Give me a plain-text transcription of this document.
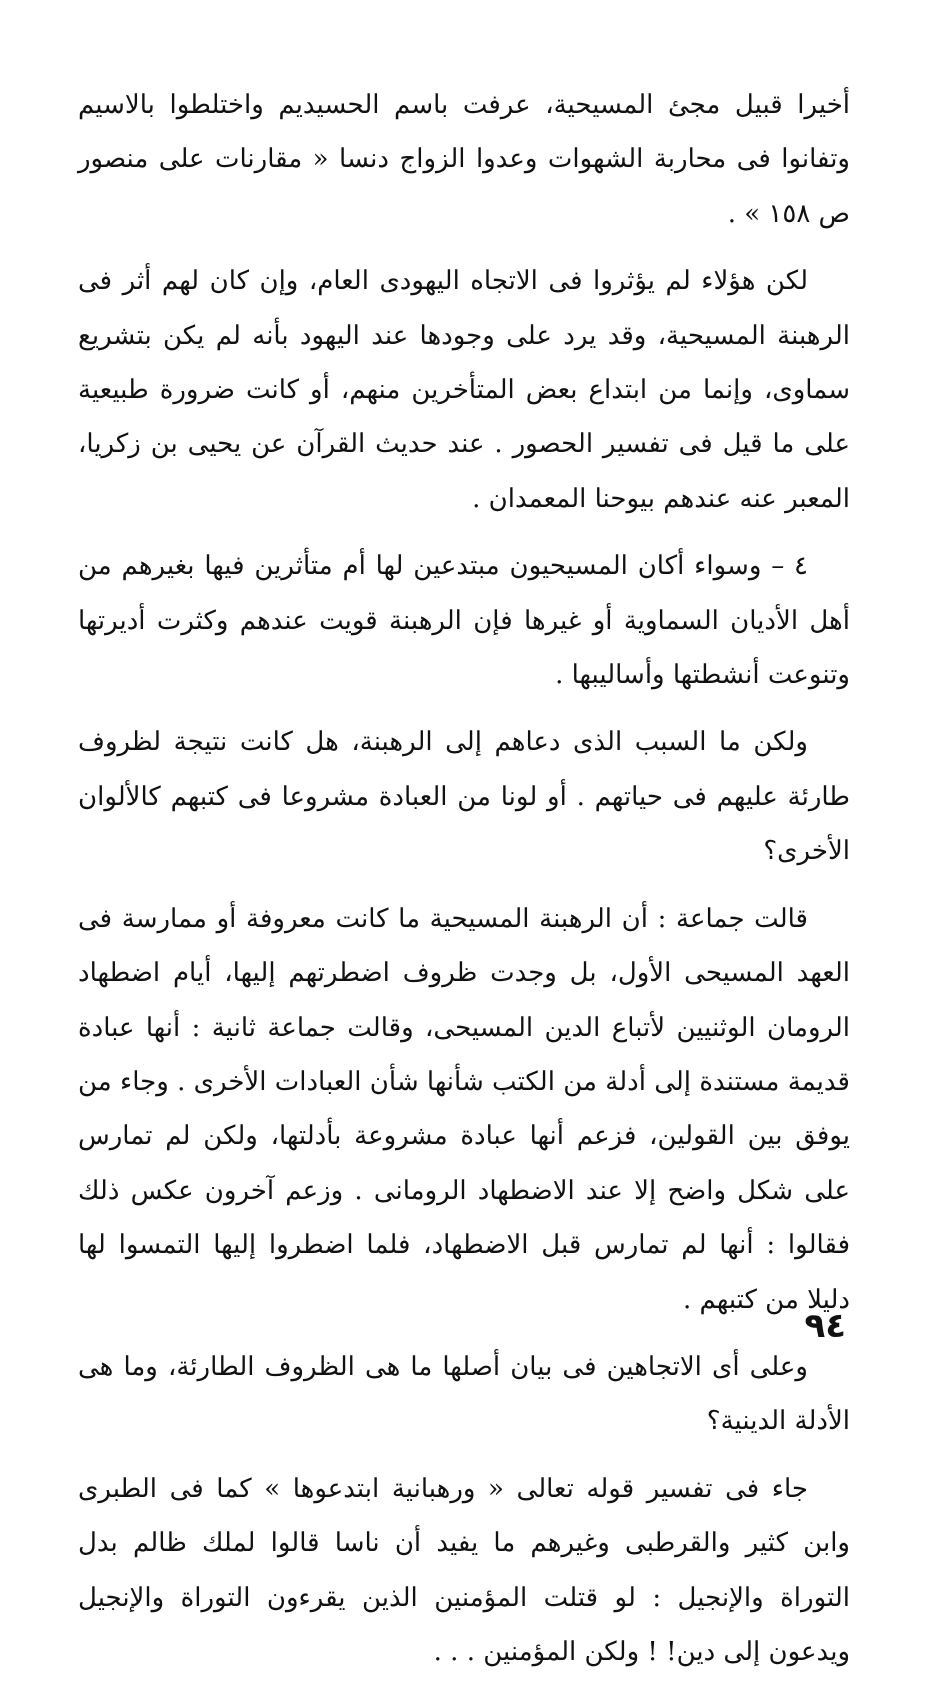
أخيرا قبيل مجئ المسيحية، عرفت باسم الحسيديم واختلطوا بالاسيم وتفانوا فى محاربة الشهوات وعدوا الزواج دنسا « مقارنات على منصور ص ١٥٨ » .

لكن هؤلاء لم يؤثروا فى الاتجاه اليهودى العام، وإن كان لهم أثر فى الرهبنة المسيحية، وقد يرد على وجودها عند اليهود بأنه لم يكن بتشريع سماوى، وإنما من ابتداع بعض المتأخرين منهم، أو كانت ضرورة طبيعية على ما قيل فى تفسير الحصور . عند حديث القرآن عن يحيى بن زكريا، المعبر عنه عندهم بيوحنا المعمدان .

٤ – وسواء أكان المسيحيون مبتدعين لها أم متأثرين فيها بغيرهم من أهل الأديان السماوية أو غيرها فإن الرهبنة قويت عندهم وكثرت أديرتها وتنوعت أنشطتها وأساليبها .

ولكن ما السبب الذى دعاهم إلى الرهبنة، هل كانت نتيجة لظروف طارئة عليهم فى حياتهم . أو لونا من العبادة مشروعا فى كتبهم كالألوان الأخرى؟

قالت جماعة : أن الرهبنة المسيحية ما كانت معروفة أو ممارسة فى العهد المسيحى الأول، بل وجدت ظروف اضطرتهم إليها، أيام اضطهاد الرومان الوثنيين لأتباع الدين المسيحى، وقالت جماعة ثانية : أنها عبادة قديمة مستندة إلى أدلة من الكتب شأنها شأن العبادات الأخرى . وجاء من يوفق بين القولين، فزعم أنها عبادة مشروعة بأدلتها، ولكن لم تمارس على شكل واضح إلا عند الاضطهاد الرومانى . وزعم آخرون عكس ذلك فقالوا : أنها لم تمارس قبل الاضطهاد، فلما اضطروا إليها التمسوا لها دليلا من كتبهم .

وعلى أى الاتجاهين فى بيان أصلها ما هى الظروف الطارئة، وما هى الأدلة الدينية؟

جاء فى تفسير قوله تعالى « ورهبانية ابتدعوها » كما فى الطبرى وابن كثير والقرطبى وغيرهم ما يفيد أن ناسا قالوا لملك ظالم بدل التوراة والإنجيل : لو قتلت المؤمنين الذين يقرءون التوراة والإنجيل ويدعون إلى دين! ! ولكن المؤمنين . . .

٩٤
